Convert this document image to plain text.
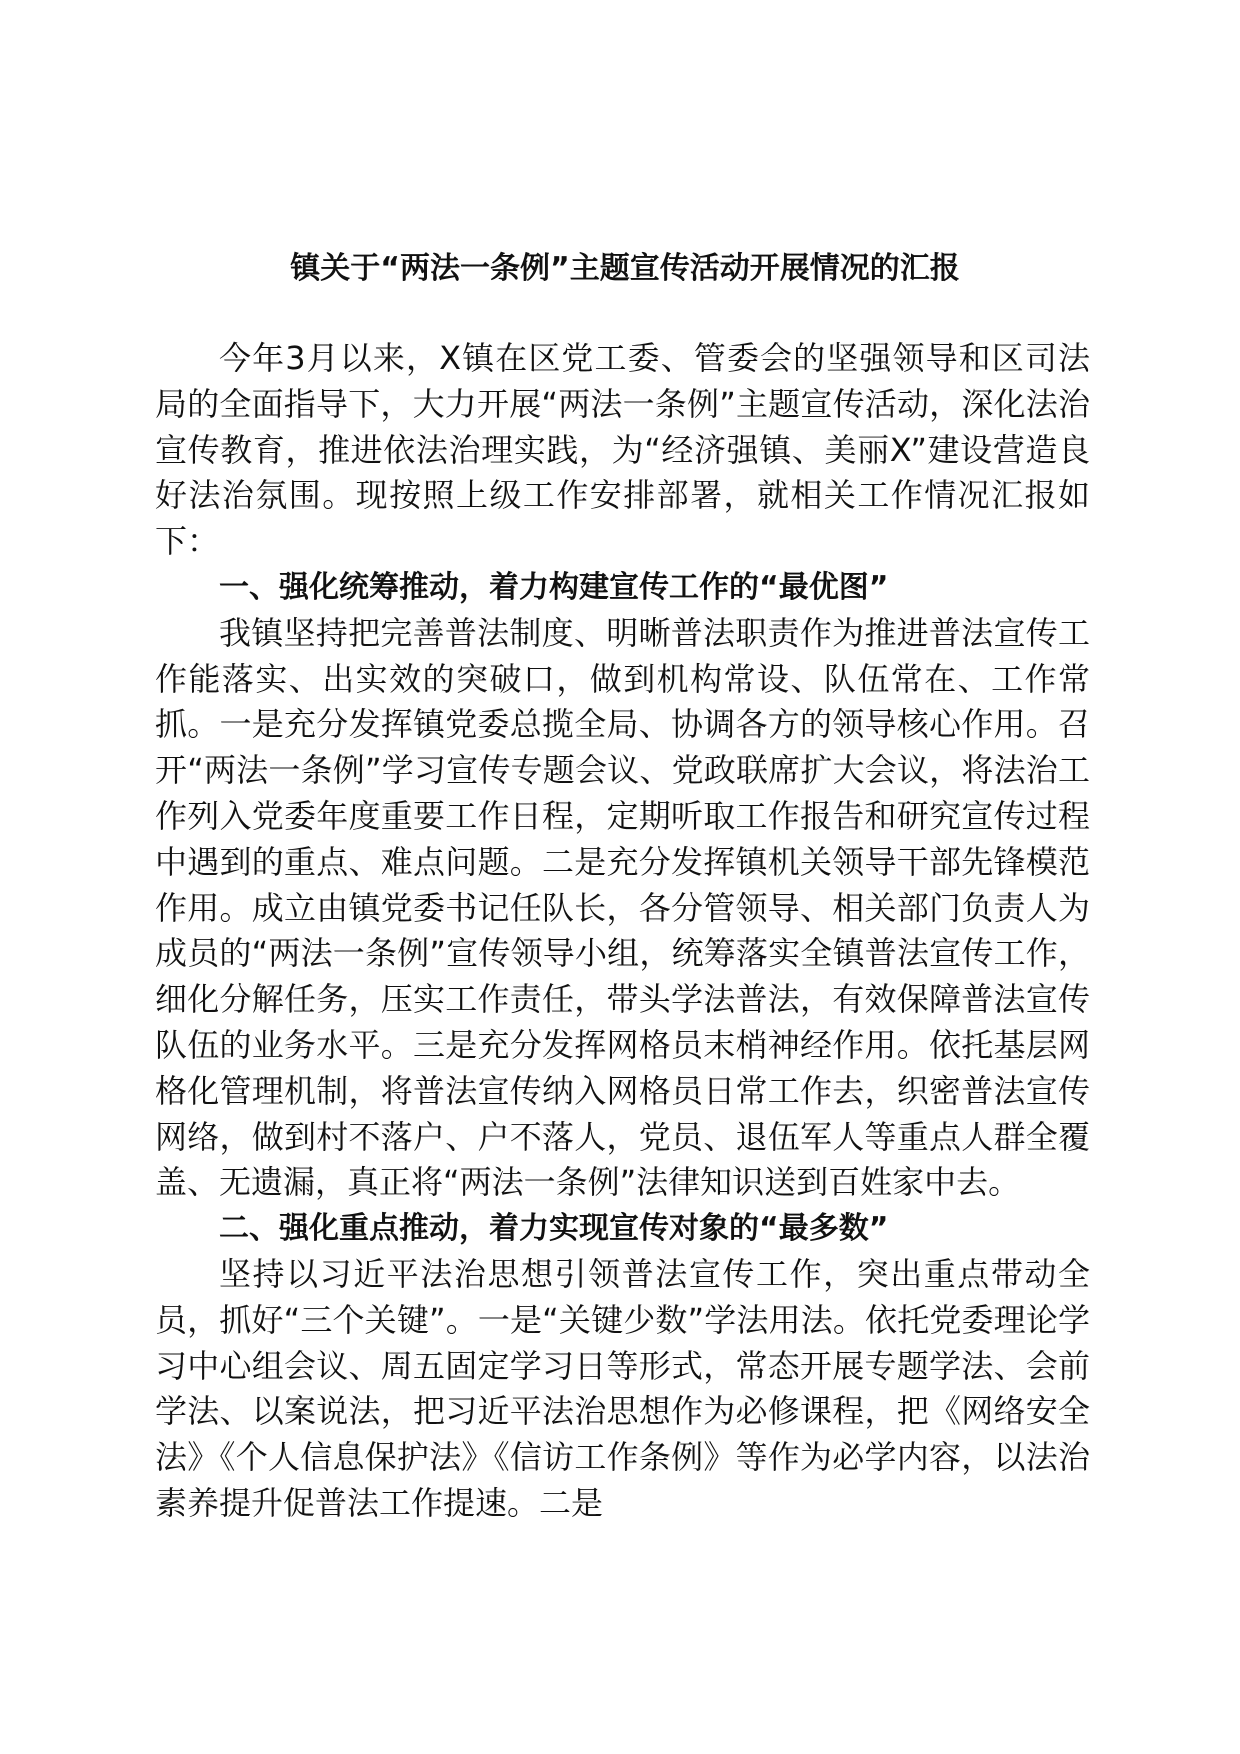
镇关于“两法一条例”主题宣传活动开展情况的汇报

今年3月以来，X镇在区党工委、管委会的坚强领导和区司法局的全面指导下，大力开展“两法一条例”主题宣传活动，深化法治宣传教育，推进依法治理实践，为“经济强镇、美丽X”建设营造良好法治氛围。现按照上级工作安排部署，就相关工作情况汇报如下：

一、强化统筹推动，着力构建宣传工作的“最优图”

我镇坚持把完善普法制度、明晰普法职责作为推进普法宣传工作能落实、出实效的突破口，做到机构常设、队伍常在、工作常抓。一是充分发挥镇党委总揽全局、协调各方的领导核心作用。召开“两法一条例”学习宣传专题会议、党政联席扩大会议，将法治工作列入党委年度重要工作日程，定期听取工作报告和研究宣传过程中遇到的重点、难点问题。二是充分发挥镇机关领导干部先锋模范作用。成立由镇党委书记任队长，各分管领导、相关部门负责人为成员的“两法一条例”宣传领导小组，统筹落实全镇普法宣传工作，细化分解任务，压实工作责任，带头学法普法，有效保障普法宣传队伍的业务水平。三是充分发挥网格员末梢神经作用。依托基层网格化管理机制，将普法宣传纳入网格员日常工作去，织密普法宣传网络，做到村不落户、户不落人，党员、退伍军人等重点人群全覆盖、无遗漏，真正将“两法一条例”法律知识送到百姓家中去。

二、强化重点推动，着力实现宣传对象的“最多数”

坚持以习近平法治思想引领普法宣传工作，突出重点带动全员，抓好“三个关键”。一是“关键少数”学法用法。依托党委理论学习中心组会议、周五固定学习日等形式，常态开展专题学法、会前学法、以案说法，把习近平法治思想作为必修课程，把《网络安全法》《个人信息保护法》《信访工作条例》等作为必学内容，以法治素养提升促普法工作提速。二是
